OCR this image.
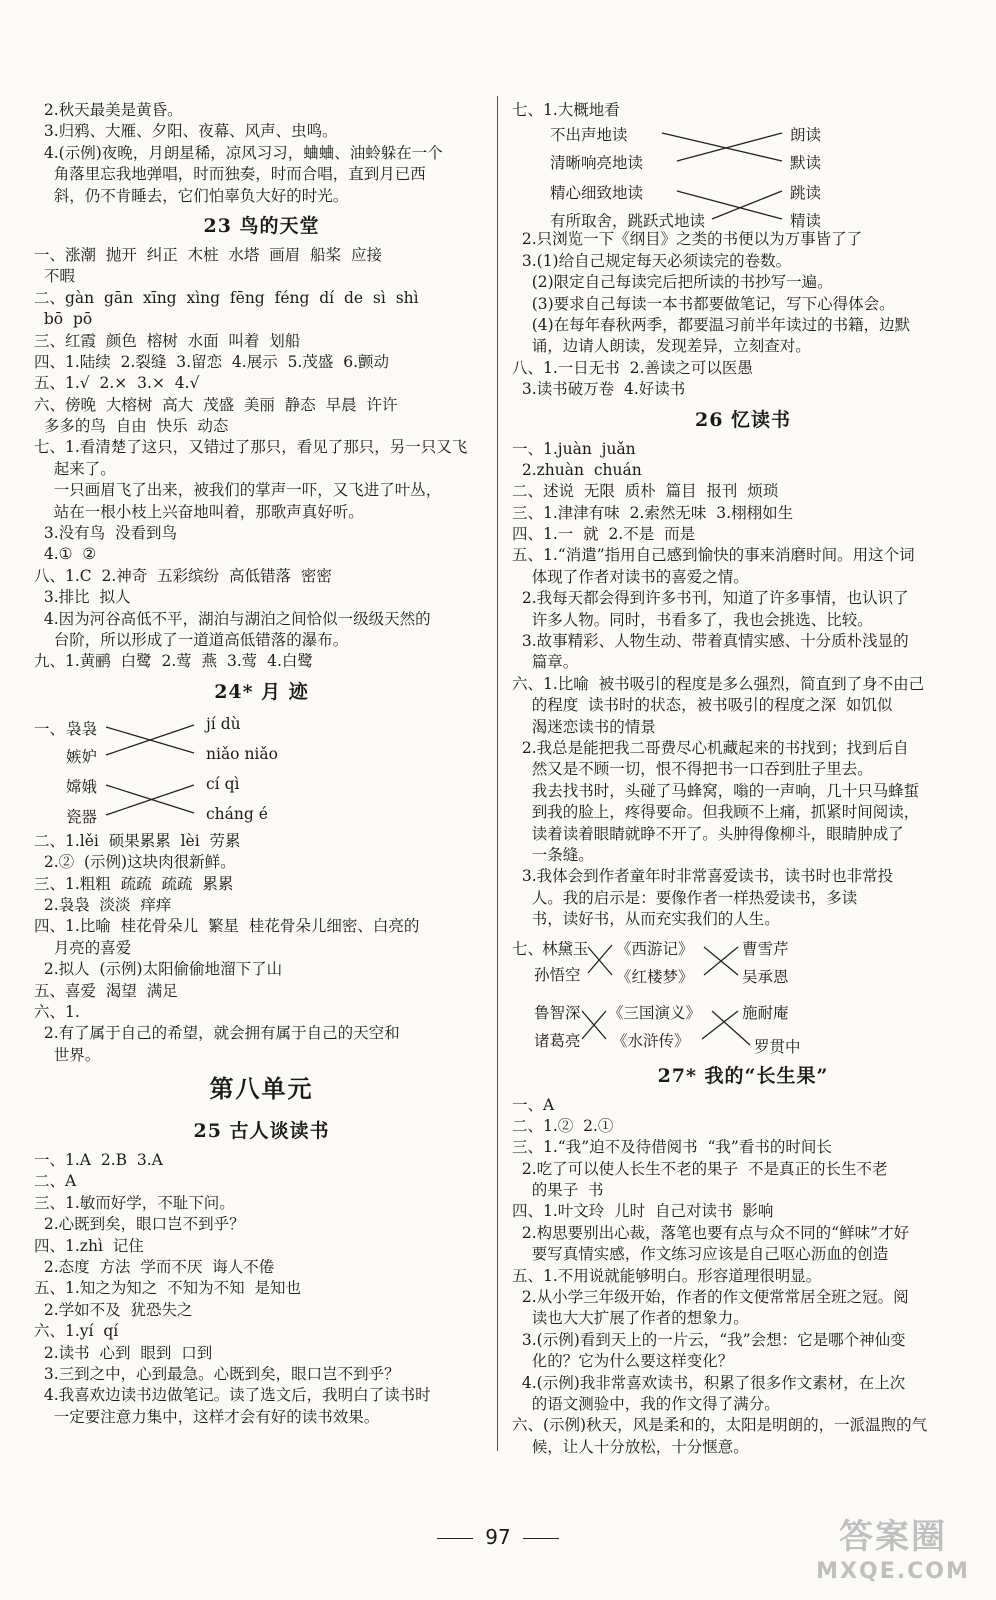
2.秋天最美是黄昏。
3.归鸦、大雁、夕阳、夜幕、风声、虫鸣。
4.(示例)夜晚，月朗星稀，凉风习习，蛐蛐、油蛉躲在一个
角落里忘我地弹唱，时而独奏，时而合唱，直到月已西
斜，仍不肯睡去，它们怕辜负大好的时光。
23 鸟的天堂
一、涨潮  抛开  纠正  木桩  水塔  画眉  船桨  应接
不暇
二、gàn  gān  xīng  xìng  fēng  féng  dí  de  sì  shì
bō  pō
三、红霞  颜色  榕树  水面  叫着  划船
四、1.陆续  2.裂缝  3.留恋  4.展示  5.茂盛  6.颤动
五、1.√  2.×  3.×  4.√
六、傍晚  大榕树  高大  茂盛  美丽  静态  早晨  许许
多多的鸟  自由  快乐  动态
七、1.看清楚了这只，又错过了那只，看见了那只，另一只又飞
起来了。
一只画眉飞了出来，被我们的掌声一吓，又飞进了叶丛，
站在一根小枝上兴奋地叫着，那歌声真好听。
3.没有鸟  没看到鸟
4.①  ②
八、1.C  2.神奇  五彩缤纷  高低错落  密密
3.排比  拟人
4.因为河谷高低不平，湖泊与湖泊之间恰似一级级天然的
台阶，所以形成了一道道高低错落的瀑布。
九、1.黄鹂  白鹭  2.莺  燕  3.莺  4.白鹭
24* 月 迹
一、 袅袅
嫉妒
嫦娥
瓷器
jí dù
niǎo niǎo
cí qì
cháng é
二、1.lěi  硕果累累  lèi  劳累
2.②  (示例)这块肉很新鲜。
三、1.粗粗  疏疏  疏疏  累累
2.袅袅  淡淡  痒痒
四、1.比喻  桂花骨朵儿  繁星  桂花骨朵儿细密、白亮的
月亮的喜爱
2.拟人  (示例)太阳偷偷地溜下了山
五、喜爱  渴望  满足
六、1.
2.有了属于自己的希望，就会拥有属于自己的天空和
世界。
第八单元
25 古人谈读书
一、1.A  2.B  3.A
二、A
三、1.敏而好学，不耻下问。
2.心既到矣，眼口岂不到乎？
四、1.zhì  记住
2.态度  方法  学而不厌  诲人不倦
五、1.知之为知之  不知为不知  是知也
2.学如不及  犹恐失之
六、1.yí  qí
2.读书  心到  眼到  口到
3.三到之中，心到最急。心既到矣，眼口岂不到乎？
4.我喜欢边读书边做笔记。读了选文后，我明白了读书时
一定要注意力集中，这样才会有好的读书效果。
七、1.大概地看
不出声地读
清晰响亮地读
精心细致地读
有所取舍，跳跃式地读
朗读
默读
跳读
精读
2.只浏览一下《纲目》之类的书便以为万事皆了了
3.(1)给自己规定每天必须读完的卷数。
(2)限定自己每读完后把所读的书抄写一遍。
(3)要求自己每读一本书都要做笔记，写下心得体会。
(4)在每年春秋两季，都要温习前半年读过的书籍，边默
诵，边请人朗读，发现差异，立刻查对。
八、1.一日无书  2.善读之可以医愚
3.读书破万卷  4.好读书
26 忆读书
一、1.juàn  juǎn
2.zhuàn  chuán
二、述说  无限  质朴  篇目  报刊  烦琐
三、1.津津有味  2.索然无味  3.栩栩如生
四、1.一  就  2.不是  而是
五、1.“消遣”指用自己感到愉快的事来消磨时间。用这个词
体现了作者对读书的喜爱之情。
2.我每天都会得到许多书刊，知道了许多事情，也认识了
许多人物。同时，书看多了，我也会挑选、比较。
3.故事精彩、人物生动、带着真情实感、十分质朴浅显的
篇章。
六、1.比喻  被书吸引的程度是多么强烈，简直到了身不由己
的程度  读书时的状态，被书吸引的程度之深  如饥似
渴迷恋读书的情景
2.我总是能把我二哥费尽心机藏起来的书找到；找到后自
然又是不顾一切，恨不得把书一口吞到肚子里去。
我去找书时，头碰了马蜂窝，嗡的一声响，几十只马蜂蜇
到我的脸上，疼得要命。但我顾不上痛，抓紧时间阅读，
读着读着眼睛就睁不开了。头肿得像柳斗，眼睛肿成了
一条缝。
3.我体会到作者童年时非常喜爱读书，读书时也非常投
人。我的启示是：要像作者一样热爱读书，多读
书，读好书，从而充实我们的人生。
七、
林黛玉
孙悟空
鲁智深
诸葛亮
《西游记》
《红楼梦》
《三国演义》
《水浒传》
曹雪芹
吴承恩
施耐庵
罗贯中
27* 我的“长生果”
一、A
二、1.②  2.①
三、1.“我”迫不及待借阅书  “我”看书的时间长
2.吃了可以使人长生不老的果子  不是真正的长生不老
的果子  书
四、1.叶文玲  儿时  自己对读书  影响
2.构思要别出心裁，落笔也要有点与众不同的“鲜味”才好
要写真情实感，作文练习应该是自己呕心沥血的创造
五、1.不用说就能够明白。形容道理很明显。
2.从小学三年级开始，作者的作文便常常居全班之冠。阅
读也大大扩展了作者的想象力。
3.(示例)看到天上的一片云，“我”会想：它是哪个神仙变
化的？它为什么要这样变化？
4.(示例)我非常喜欢读书，积累了很多作文素材，在上次
的语文测验中，我的作文得了满分。
六、(示例)秋天，风是柔和的，太阳是明朗的，一派温煦的气
候，让人十分放松，十分惬意。
97	答案圈
MXQE.COM
